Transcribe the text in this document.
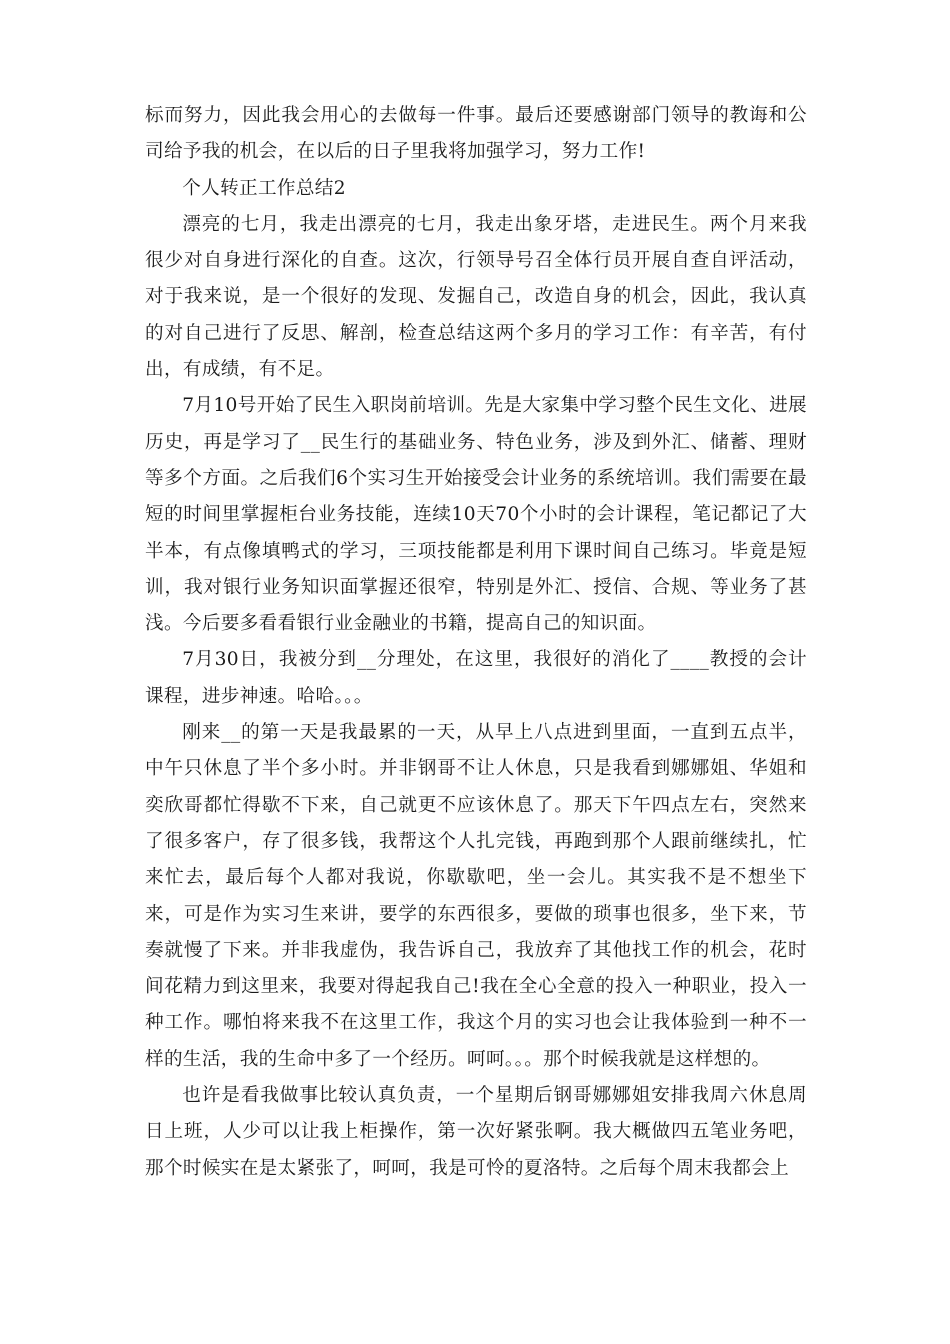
标而努力，因此我会用心的去做每一件事。最后还要感谢部门领导的教诲和公司给予我的机会，在以后的日子里我将加强学习，努力工作!

个人转正工作总结2

漂亮的七月，我走出漂亮的七月，我走出象牙塔，走进民生。两个月来我很少对自身进行深化的自查。这次，行领导号召全体行员开展自查自评活动，对于我来说，是一个很好的发现、发掘自己，改造自身的机会，因此，我认真的对自己进行了反思、解剖，检查总结这两个多月的学习工作：有辛苦，有付出，有成绩，有不足。

7月10号开始了民生入职岗前培训。先是大家集中学习整个民生文化、进展历史，再是学习了__民生行的基础业务、特色业务，涉及到外汇、储蓄、理财等多个方面。之后我们6个实习生开始接受会计业务的系统培训。我们需要在最短的时间里掌握柜台业务技能，连续10天70个小时的会计课程，笔记都记了大半本，有点像填鸭式的学习，三项技能都是利用下课时间自己练习。毕竟是短训，我对银行业务知识面掌握还很窄，特别是外汇、授信、合规、等业务了甚浅。今后要多看看银行业金融业的书籍，提高自己的知识面。

7月30日，我被分到__分理处，在这里，我很好的消化了____教授的会计课程，进步神速。哈哈。。。

刚来__的第一天是我最累的一天，从早上八点进到里面，一直到五点半，中午只休息了半个多小时。并非钢哥不让人休息，只是我看到娜娜姐、华姐和奕欣哥都忙得歇不下来，自己就更不应该休息了。那天下午四点左右，突然来了很多客户，存了很多钱，我帮这个人扎完钱，再跑到那个人跟前继续扎，忙来忙去，最后每个人都对我说，你歇歇吧，坐一会儿。其实我不是不想坐下来，可是作为实习生来讲，要学的东西很多，要做的琐事也很多，坐下来，节奏就慢了下来。并非我虚伪，我告诉自己，我放弃了其他找工作的机会，花时间花精力到这里来，我要对得起我自己!我在全心全意的投入一种职业，投入一种工作。哪怕将来我不在这里工作，我这个月的实习也会让我体验到一种不一样的生活，我的生命中多了一个经历。呵呵。。。那个时候我就是这样想的。

也许是看我做事比较认真负责，一个星期后钢哥娜娜姐安排我周六休息周日上班，人少可以让我上柜操作，第一次好紧张啊。我大概做四五笔业务吧，那个时候实在是太紧张了，呵呵，我是可怜的夏洛特。之后每个周末我都会上
